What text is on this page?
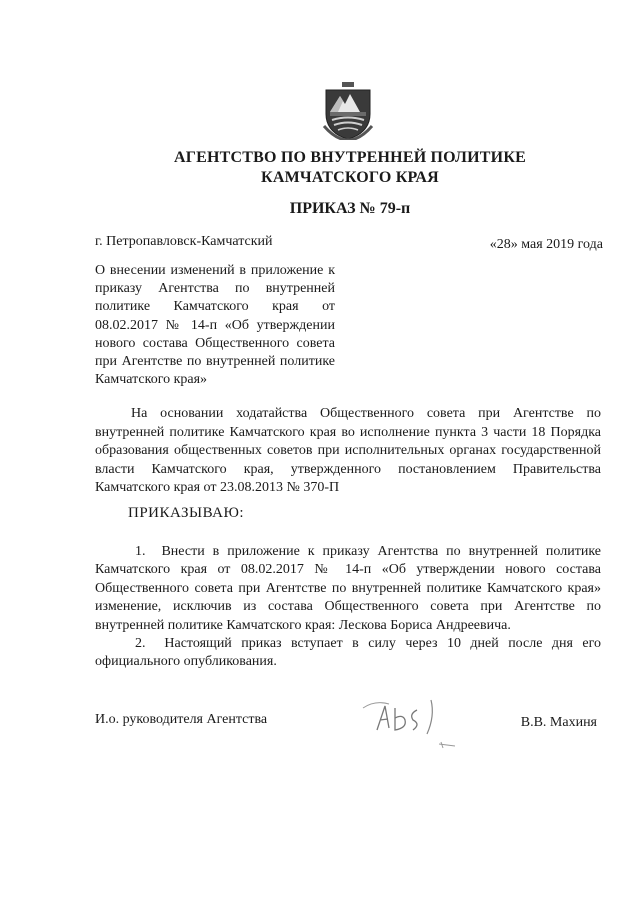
АГЕНТСТВО ПО ВНУТРЕННЕЙ ПОЛИТИКЕ
КАМЧАТСКОГО КРАЯ
ПРИКАЗ № 79-п
г. Петропавловск-Камчатский	«28» мая 2019 года
О внесении изменений в приложение к приказу Агентства по внутренней политике Камчатского края от 08.02.2017 № 14-п «Об утверждении нового состава Общественного совета при Агентстве по внутренней политике Камчатского края»
На основании ходатайства Общественного совета при Агентстве по внутренней политике Камчатского края во исполнение пункта 3 части 18 Порядка образования общественных советов при исполнительных органах государственной власти Камчатского края, утвержденного постановлением Правительства Камчатского края от 23.08.2013 № 370-П
ПРИКАЗЫВАЮ:
1.  Внести в приложение к приказу Агентства по внутренней политике Камчатского края от 08.02.2017 № 14-п «Об утверждении нового состава Общественного совета при Агентстве по внутренней политике Камчатского края» изменение, исключив из состава Общественного совета при Агентстве по внутренней политике Камчатского края: Лескова Бориса Андреевича.
2.  Настоящий приказ вступает в силу через 10 дней после дня его официального опубликования.
И.о. руководителя Агентства	В.В. Махиня
